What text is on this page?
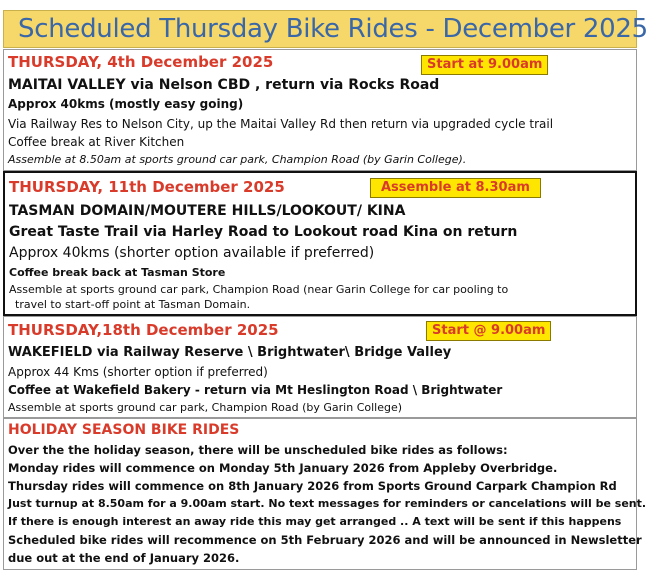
Scheduled Thursday Bike Rides - December 2025
THURSDAY, 4th December 2025	Start at 9.00am
MAITAI VALLEY via Nelson CBD , return via Rocks Road
Approx 40kms (mostly easy going)
Via Railway Res to Nelson City, up the Maitai Valley Rd then return via upgraded cycle trail
Coffee break at River Kitchen
Assemble at 8.50am at sports ground car park, Champion Road (by Garin College).
THURSDAY, 11th December 2025	Assemble at 8.30am
TASMAN DOMAIN/MOUTERE HILLS/LOOKOUT/ KINA
Great Taste Trail via Harley Road to Lookout road Kina on return
Approx 40kms (shorter option available if preferred)
Coffee break back at Tasman Store
Assemble at sports ground car park, Champion Road (near Garin College for car pooling to
travel to start-off point at Tasman Domain.
THURSDAY,18th December 2025	Start @ 9.00am
WAKEFIELD via Railway Reserve \ Brightwater\ Bridge Valley
Approx 44 Kms (shorter option if preferred)
Coffee at Wakefield Bakery - return via Mt Heslington Road \ Brightwater
Assemble at sports ground car park, Champion Road (by Garin College)
HOLIDAY SEASON BIKE RIDES
Over the the holiday season, there will be unscheduled bike rides as follows:
Monday rides will commence on Monday 5th January 2026 from Appleby Overbridge.
Thursday rides will commence on 8th January 2026 from Sports Ground Carpark Champion Rd
Just turnup at 8.50am for a 9.00am start. No text messages for reminders or cancelations will be sent.
If there is enough interest an away ride this may get arranged .. A text will be sent if this happens
Scheduled bike rides will recommence on 5th February 2026 and will be announced in Newsletter
due out at the end of January 2026.
